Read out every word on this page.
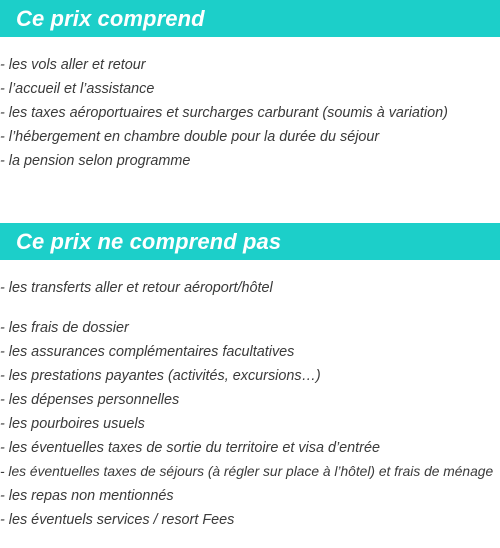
Ce prix comprend
- les vols aller et retour
- l’accueil et l’assistance
- les taxes aéroportuaires et surcharges carburant (soumis à variation)
- l’hébergement en chambre double pour la durée du séjour
- la pension selon programme
Ce prix ne comprend pas
- les transferts aller et retour aéroport/hôtel
- les frais de dossier
- les assurances complémentaires facultatives
- les prestations payantes (activités, excursions…)
- les dépenses personnelles
- les pourboires usuels
- les éventuelles taxes de sortie du territoire et visa d’entrée
- les éventuelles taxes de séjours (à régler sur place à l’hôtel) et frais de ménage
- les repas non mentionnés
- les éventuels services / resort Fees
